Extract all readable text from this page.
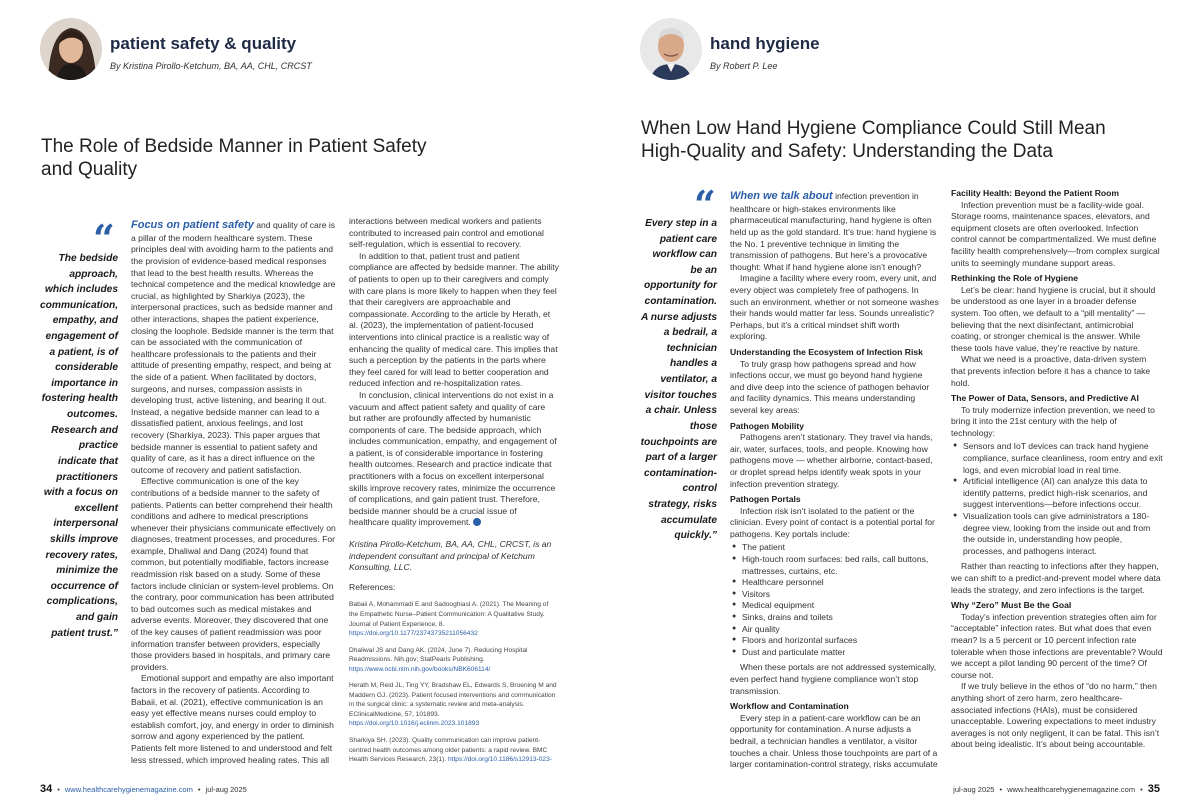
patient safety & quality
By Kristina Pirollo-Ketchum, BA, AA, CHL, CRCST
The Role of Bedside Manner in Patient Safety
and Quality
“
The bedside approach, which includes communication, empathy, and engagement of a patient, is of considerable importance in fostering health outcomes. Research and practice indicate that practitioners with a focus on excellent interpersonal skills improve recovery rates, minimize the occurrence of complications, and gain patient trust.”

Focus on patient safety and quality of care is a pillar of the modern healthcare system. These principles deal with avoiding harm to the patients and the provision of evidence-based medical responses that lead to the best health results. Whereas the technical competence and the medical knowledge are crucial, as highlighted by Sharkiya (2023), the interpersonal practices, such as bedside manner and other interactions, shapes the patient experience, closing the loophole. Bedside manner is the term that can be associated with the communication of healthcare professionals to the patients and their attitude of presenting empathy, respect, and being at the side of a patient. When facilitated by doctors, surgeons, and nurses, compassion assists in developing trust, active listening, and bearing it out. Instead, a negative bedside manner can lead to a dissatisfied patient, anxious feelings, and lost recovery (Sharkiya, 2023). This paper argues that bedside manner is essential to patient safety and quality of care, as it has a direct influence on the outcome of recovery and patient satisfaction.

Effective communication is one of the key contributions of a bedside manner to the safety of patients. Patients can better comprehend their health conditions and adhere to medical prescriptions whenever their physicians communicate effectively on diagnoses, treatment processes, and procedures. For example, Dhaliwal and Dang (2024) found that common, but potentially modifiable, factors increase readmission risk based on a study. Some of these factors include clinician or system-level problems. On the contrary, poor communication has been attributed to bad outcomes such as medical mistakes and adverse events. Moreover, they discovered that one of the key causes of patient readmission was poor information transfer between providers, especially those providers based in hospitals, and primary care providers.

Emotional support and empathy are also important factors in the recovery of patients. According to Babaii, et al. (2021), effective communication is an easy yet effective means nurses could employ to establish comfort, joy, and energy in order to diminish sorrow and agony experienced by the patient. Patients felt more listened to and understood and felt less stressed, which improved healing rates. This all

interactions between medical workers and patients contributed to increased pain control and emotional self-regulation, which is essential to recovery.

In addition to that, patient trust and patient compliance are affected by bedside manner. The ability of patients to open up to their caregivers and comply with care plans is more likely to happen when they feel that their caregivers are approachable and compassionate. According to the article by Herath, et al. (2023), the implementation of patient-focused interventions into clinical practice is a realistic way of enhancing the quality of medical care. This implies that such a perception by the patients in the parts where they feel cared for will lead to better cooperation and reduced infection and re-hospitalization rates.

In conclusion, clinical interventions do not exist in a vacuum and affect patient safety and quality of care but rather are profoundly affected by humanistic components of care. The bedside approach, which includes communication, empathy, and engagement of a patient, is of considerable importance in fostering health outcomes. Research and practice indicate that practitioners with a focus on excellent interpersonal skills improve recovery rates, minimize the occurrence of complications, and gain patient trust. Therefore, bedside manner should be a crucial issue of healthcare quality improvement.

Kristina Pirollo-Ketchum, BA, AA, CHL, CRCST, is an independent consultant and principal of Ketchum Konsulting, LLC.

References:

Babaii A, Mohammadi E and Sadooghiasl A. (2021). The Meaning of the Empathetic Nurse–Patient Communication: A Qualitative Study. Journal of Patient Experience, 8. https://doi.org/10.1177/23743735211056432

Dhaliwal JS and Dang AK. (2024, June 7). Reducing Hospital Readmissions. Nih.gov; StatPearls Publishing. https://www.ncbi.nlm.nih.gov/books/NBK606114/

Herath M, Reid JL, Ting YY, Bradshaw EL, Edwards S, Bruening M and Maddern GJ. (2023). Patient focused interventions and communication in the surgical clinic: a systematic review and meta-analysis. EClinicalMedicine, 57, 101893. https://doi.org/10.1016/j.eclinm.2023.101893

Sharkiya SH. (2023). Quality communication can improve patient-centred health outcomes among older patients: a rapid review. BMC Health Services Research, 23(1). https://doi.org/10.1186/s12913-023-

34 • www.healthcarehygienemagazine.com • jul-aug 2025
hand hygiene
By Robert P. Lee
When Low Hand Hygiene Compliance Could Still Mean
High-Quality and Safety: Understanding the Data
“
Every step in a patient care workflow can be an opportunity for contamination. A nurse adjusts a bedrail, a technician handles a ventilator, a visitor touches a chair. Unless those touchpoints are part of a larger contamination-control strategy, risks accumulate quickly.”

When we talk about infection prevention in healthcare or high-stakes environments like pharmaceutical manufacturing, hand hygiene is often held up as the gold standard. It’s true: hand hygiene is the No. 1 preventive technique in limiting the transmission of pathogens. But here’s a provocative thought: What if hand hygiene alone isn’t enough?

Imagine a facility where every room, every unit, and every object was completely free of pathogens. In such an environment, whether or not someone washes their hands would matter far less. Sounds unrealistic? Perhaps, but it’s a critical mindset shift worth exploring.

Understanding the Ecosystem of Infection Risk

To truly grasp how pathogens spread and how infections occur, we must go beyond hand hygiene and dive deep into the science of pathogen behavior and facility dynamics. This means understanding several key areas:

Pathogen Mobility

Pathogens aren’t stationary. They travel via hands, air, water, surfaces, tools, and people. Knowing how pathogens move — whether airborne, contact-based, or droplet spread helps identify weak spots in your infection prevention strategy.

Pathogen Portals

Infection risk isn’t isolated to the patient or the clinician. Every point of contact is a potential portal for pathogens. Key portals include:

● The patient
● High-touch room surfaces: bed rails, call buttons, mattresses, curtains, etc.
● Healthcare personnel
● Visitors
● Medical equipment
● Sinks, drains and toilets
● Air quality
● Floors and horizontal surfaces
● Dust and particulate matter

When these portals are not addressed systemically, even perfect hand hygiene compliance won’t stop transmission.

Workflow and Contamination

Every step in a patient-care workflow can be an opportunity for contamination. A nurse adjusts a bedrail, a technician handles a ventilator, a visitor touches a chair. Unless those touchpoints are part of a larger contamination-control strategy, risks accumulate

Facility Health: Beyond the Patient Room

Infection prevention must be a facility-wide goal. Storage rooms, maintenance spaces, elevators, and equipment closets are often overlooked. Infection control cannot be compartmentalized. We must define facility health comprehensively—from complex surgical units to seemingly mundane support areas.

Rethinking the Role of Hygiene

Let’s be clear: hand hygiene is crucial, but it should be understood as one layer in a broader defense system. Too often, we default to a “pill mentality” — believing that the next disinfectant, antimicrobial coating, or stronger chemical is the answer. While these tools have value, they’re reactive by nature.

What we need is a proactive, data-driven system that prevents infection before it has a chance to take hold.

The Power of Data, Sensors, and Predictive AI

To truly modernize infection prevention, we need to bring it into the 21st century with the help of technology:

● Sensors and IoT devices can track hand hygiene compliance, surface cleanliness, room entry and exit logs, and even microbial load in real time.
● Artificial intelligence (AI) can analyze this data to identify patterns, predict high-risk scenarios, and suggest interventions—before infections occur.
● Visualization tools can give administrators a 180-degree view, looking from the inside out and from the outside in, understanding how people, processes, and pathogens interact.

Rather than reacting to infections after they happen, we can shift to a predict-and-prevent model where data leads the strategy, and zero infections is the target.

Why “Zero” Must Be the Goal

Today’s infection prevention strategies often aim for “acceptable” infection rates. But what does that even mean? Is a 5 percent or 10 percent infection rate tolerable when those infections are preventable? Would we accept a pilot landing 90 percent of the time? Of course not.

If we truly believe in the ethos of “do no harm,” then anything short of zero harm, zero healthcare-associated infections (HAIs), must be considered unacceptable. Lowering expectations to meet industry averages is not only negligent, it can be fatal. This isn’t about being idealistic. It’s about being accountable.

jul-aug 2025 • www.healthcarehygienemagazine.com • 35
